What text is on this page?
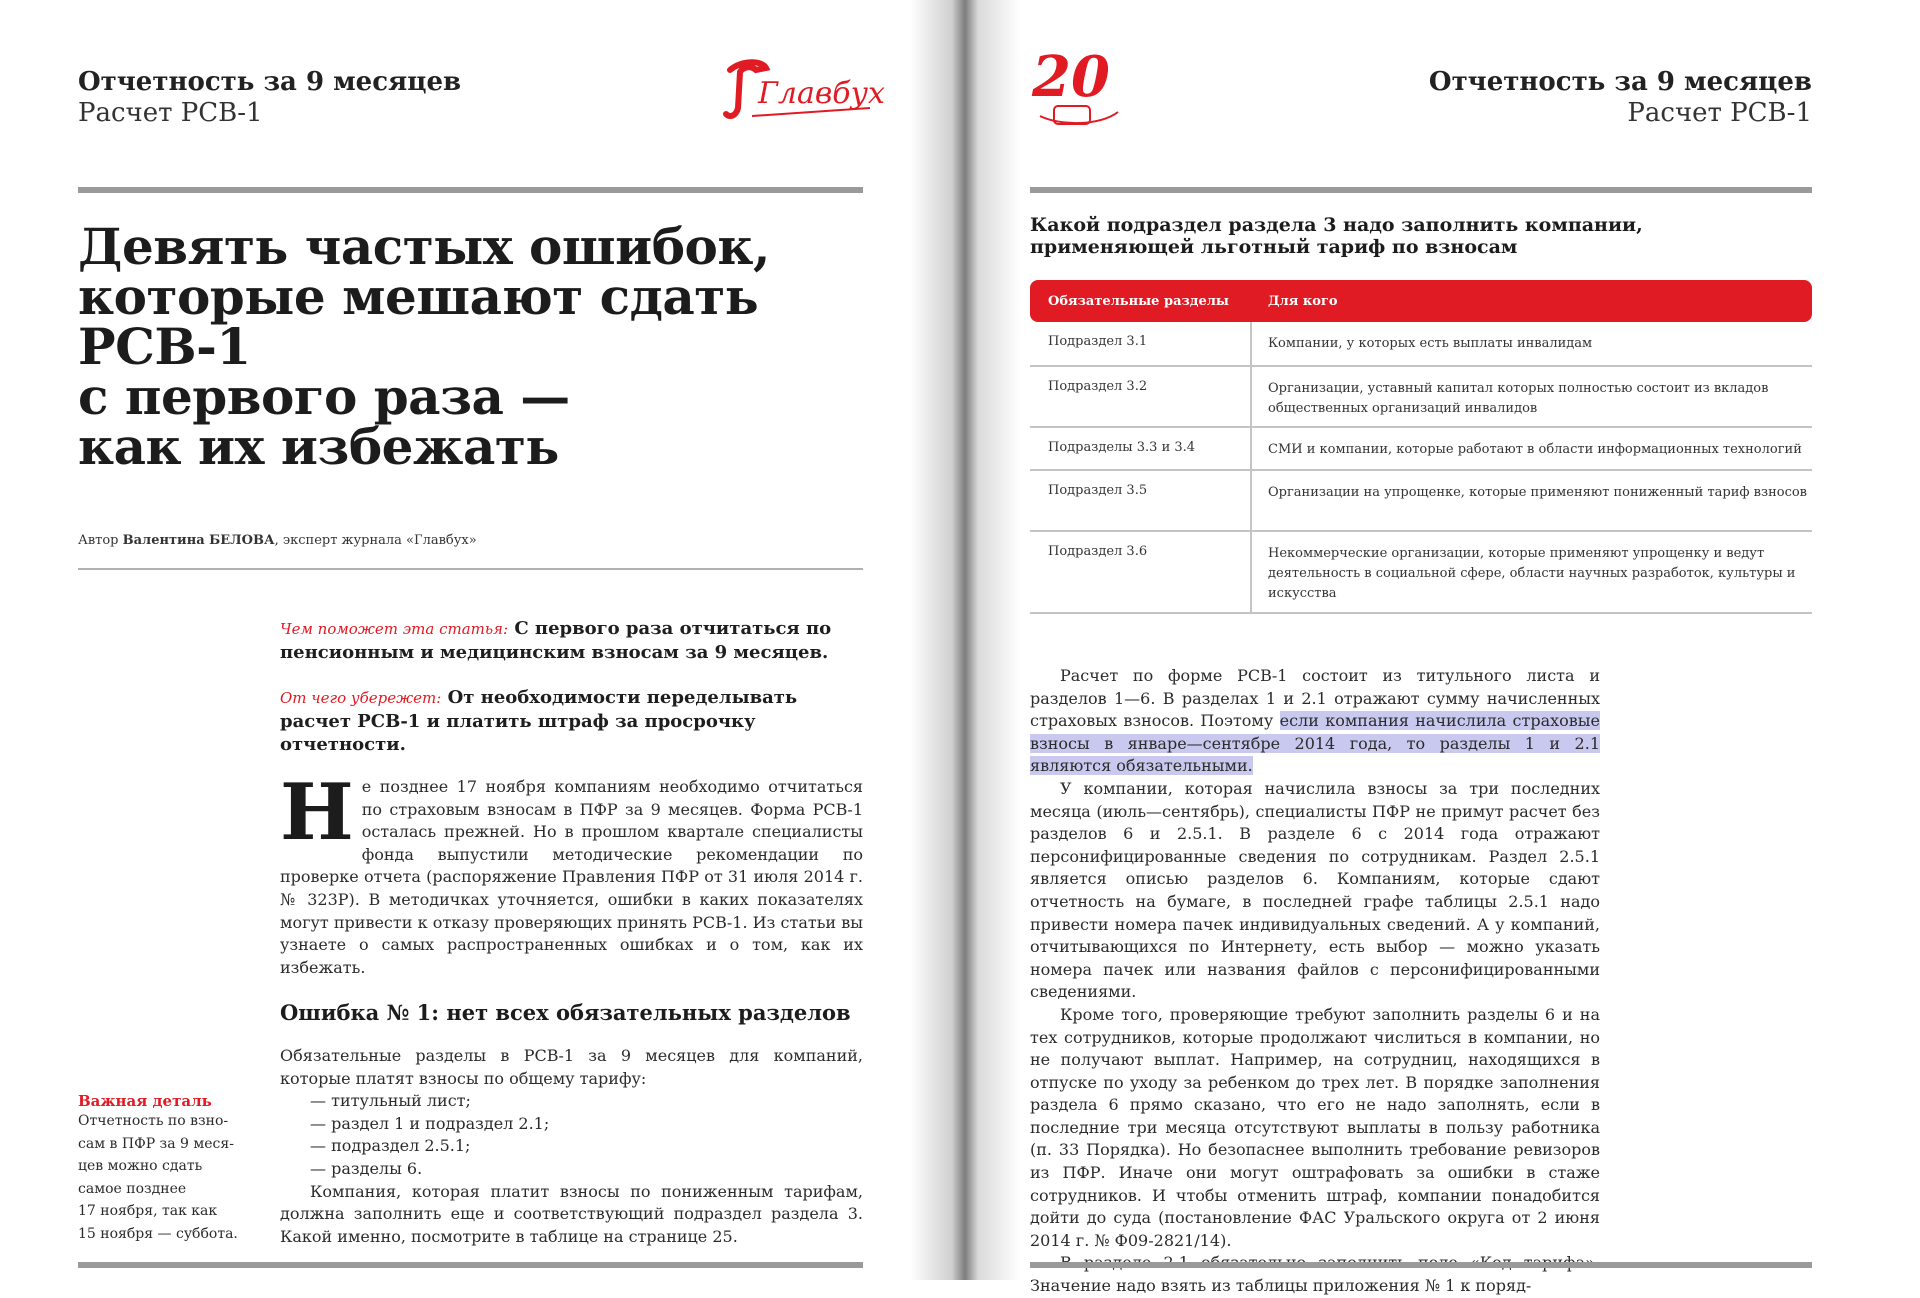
Отчетность за 9 месяцев
Расчет РСВ-1
Главбух

Девять частых ошибок,

которые мешают сдать РСВ-1

с первого раза —

как их избежать

Автор Валентина БЕЛОВА, эксперт журнала «Главбух»

Чем поможет эта статья: С первого раза отчитаться по пенсионным и медицинским взносам за 9 месяцев.

От чего убережет: От необходимости переделывать расчет РСВ-1 и платить штраф за просрочку отчетности.

Н е позднее 17 ноября компаниям необходимо отчитаться по страховым взносам в ПФР за 9 месяцев. Форма РСВ-1 осталась прежней. Но в прошлом квартале специалисты фонда выпустили методические рекомендации по проверке отчета (распоряжение Правления ПФР от 31 июля 2014 г. № 323Р). В методичках уточняется, ошибки в каких показателях могут привести к отказу проверяющих принять РСВ-1. Из статьи вы узнаете о самых распространенных ошибках и о том, как их избежать.
Ошибка № 1: нет всех обязательных разделов

Обязательные разделы в РСВ-1 за 9 месяцев для компаний, которые платят взносы по общему тарифу:

— титульный лист;

— раздел 1 и подраздел 2.1;

— подраздел 2.5.1;

— разделы 6.

Компания, которая платит взносы по пониженным тарифам, должна заполнить еще и соответствующий подраздел раздела 3. Какой именно, посмотрите в таблице на странице 25.

Важная деталь
Отчетность по взно-
сам в ПФР за 9 меся-
цев можно сдать
самое позднее
17 ноября, так как
15 ноября — суббота.
20	Отчетность за 9 месяцев
Расчет РСВ-1
Какой подраздел раздела 3 надо заполнить компании,
применяющей льготный тариф по взносам
Обязательные разделы	Для кого
Подраздел 3.1	Компании, у которых есть выплаты инвалидам
Подраздел 3.2	Организации, уставный капитал которых полностью состоит из вкладов общественных организаций инвалидов
Подразделы 3.3 и 3.4	СМИ и компании, которые работают в области информационных технологий
Подраздел 3.5	Организации на упрощенке, которые применяют пониженный тариф взносов
Подраздел 3.6	Некоммерческие организации, которые применяют упрощенку и ведут деятельность в социальной сфере, области научных разработок, культуры и искусства

Расчет по форме РСВ-1 состоит из титульного листа и разделов 1—6. В разделах 1 и 2.1 отражают сумму начисленных страховых взносов. Поэтому если компания начислила страховые взносы в январе—сентябре 2014 года, то разделы 1 и 2.1 являются обязательными.

У компании, которая начислила взносы за три последних месяца (июль—сентябрь), специалисты ПФР не примут расчет без разделов 6 и 2.5.1. В разделе 6 с 2014 года отражают персонифицированные сведения по сотрудникам. Раздел 2.5.1 является описью разделов 6. Компаниям, которые сдают отчетность на бумаге, в последней графе таблицы 2.5.1 надо привести номера пачек индивидуальных сведений. А у компаний, отчитывающихся по Интернету, есть выбор — можно указать номера пачек или названия файлов с персонифицированными сведениями.

Кроме того, проверяющие требуют заполнить разделы 6 и на тех сотрудников, которые продолжают числиться в компании, но не получают выплат. Например, на сотрудниц, находящихся в отпуске по уходу за ребенком до трех лет. В порядке заполнения раздела 6 прямо сказано, что его не надо заполнять, если в последние три месяца отсутствуют выплаты в пользу работника (п. 33 Порядка). Но безопаснее выполнить требование ревизоров из ПФР. Иначе они могут оштрафовать за ошибки в стаже сотрудников. И чтобы отменить штраф, компании понадобится дойти до суда (постановление ФАС Уральского округа от 2 июня 2014 г. № Ф09-2821/14).

Значение надо взять из таблицы приложения № 1 к поряд-
